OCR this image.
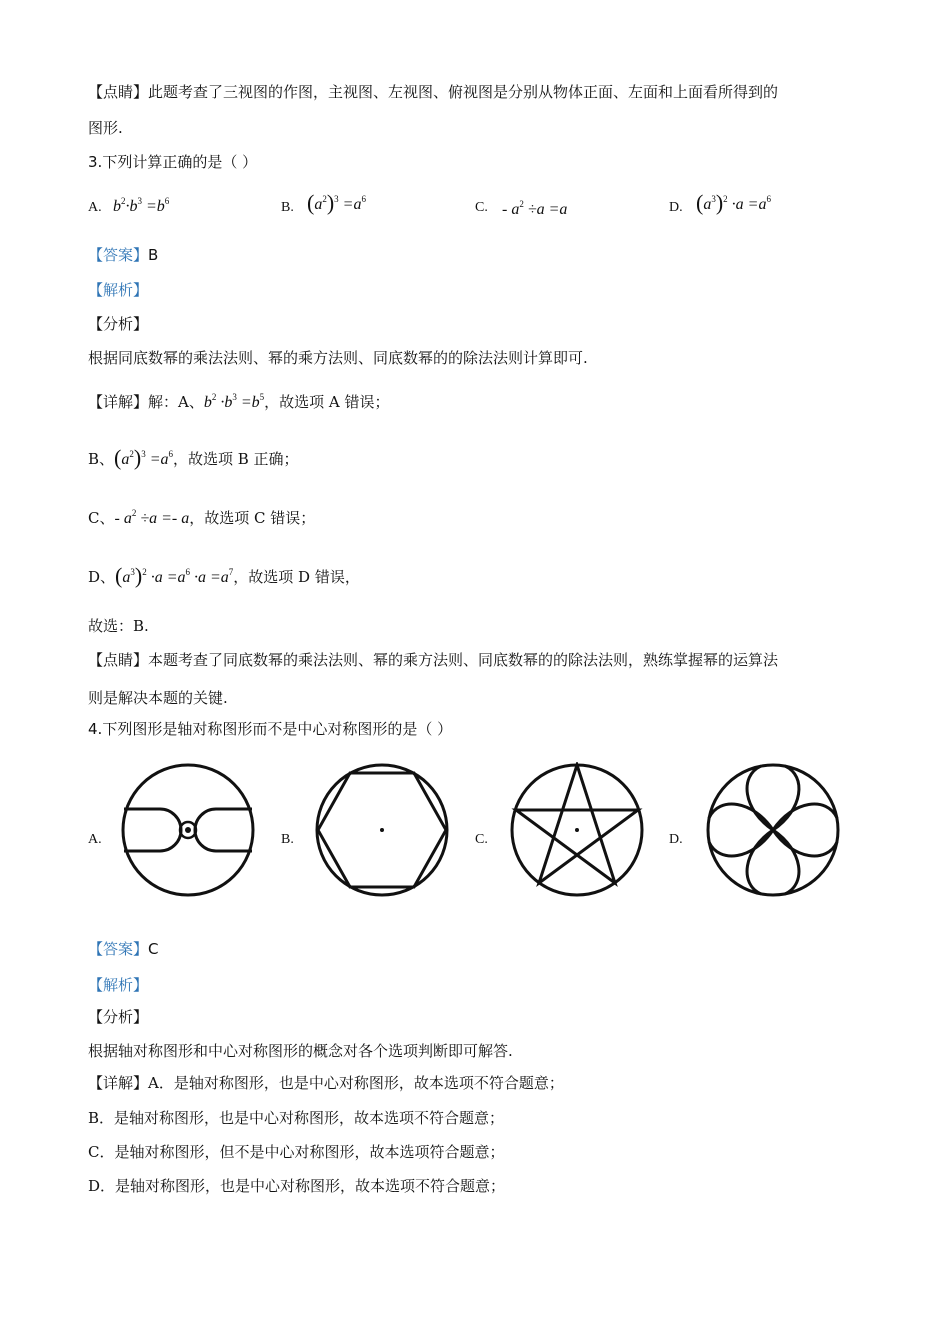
【点睛】此题考查了三视图的作图，主视图、左视图、俯视图是分别从物体正面、左面和上面看所得到的
图形.
3.下列计算正确的是（ ）
A. $b^2\cdot b^3 =b^6$	B. $(a^2)^3 =a^6$
C. - $a^2 \div a =a$	D. $(a^3)^2 \cdot a =a^6$
【答案】B
【解析】
【分析】
根据同底数幂的乘法法则、幂的乘方法则、同底数幂的的除法法则计算即可.
【详解】解：A、$b^2 \cdot b^3 =b^5$，故选项 A 错误；
B、$(a^2)^3 =a^6$，故选项 B 正确；
C、- $a^2 \div a =- a$，故选项 C 错误；
D、$(a^3)^2 \cdot a =a^6 \cdot a =a^7$，故选项 D 错误，
故选：B.
【点睛】本题考查了同底数幂的乘法法则、幂的乘方法则、同底数幂的的除法法则，熟练掌握幂的运算法
则是解决本题的关键.
4.下列图形是轴对称图形而不是中心对称图形的是（ ）
A.	B.	C.	D.
【答案】C
【解析】
【分析】
根据轴对称图形和中心对称图形的概念对各个选项判断即可解答.
【详解】A．是轴对称图形，也是中心对称图形，故本选项不符合题意；
B．是轴对称图形，也是中心对称图形，故本选项不符合题意；
C．是轴对称图形，但不是中心对称图形，故本选项符合题意；
D．是轴对称图形，也是中心对称图形，故本选项不符合题意；
